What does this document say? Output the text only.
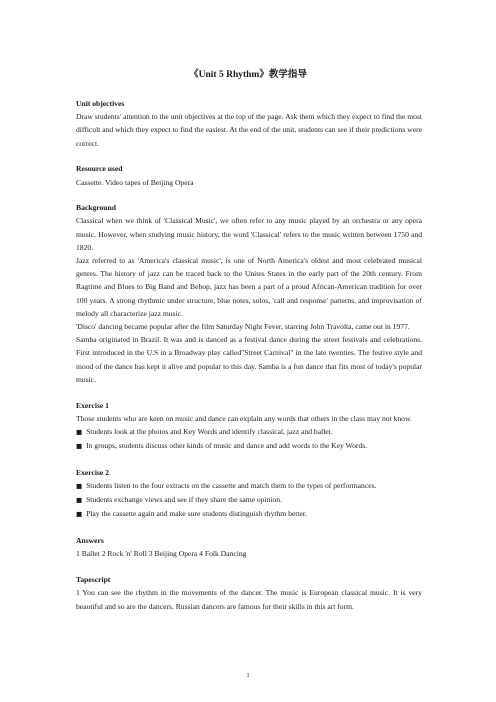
《Unit 5 Rhythm》教学指导

Unit objectives

Draw students' attention to the unit objectives at the top of the page. Ask them which they expect to find the most difficult and which they expect to find the easiest. At the end of the unit, students can see if their predictions were correct.

Resource used

Cassette. Video tapes of Beijing Opera

Background

Classical when we think of 'Classical Music', we often refer to any music played by an orchestra or any opera music. However, when studying music history, the word 'Classical' refers to the music written between 1750 and 1820.

Jazz referred to as 'America's classical music', is one of North America's oldest and most celebrated musical genres. The history of jazz can be traced back to the Unites States in the early part of the 20th century. From Ragtime and Blues to Big Band and Bebop, jazz has been a part of a proud African-American tradition for over 100 years. A strong rhythmic under structure, blue notes, solos, 'call and response' patterns, and improvisation of melody all characterize jazz music.

'Disco' dancing became popular after the film Saturday Night Fever, starring John Travolta, came out in 1977.

Samba originated in Brazil. It was and is danced as a festival dance during the street festivals and celebrations. First introduced in the U.S in a Broadway play called"Street Carnival" in the late twenties. The festive style and mood of the dance has kept it alive and popular to this day. Samba is a fun dance that fits most of today's popular music.

Exercise 1

Those students who are keen on music and dance can explain any words that others in the class may not know.

■ Students look at the photos and Key Words and identify classical, jazz and ballet.

■ In groups, students discuss other kinds of music and dance and add words to the Key Words.

Exercise 2

■ Students listen to the four extracts on the cassette and match them to the types of performances.

■ Students exchange views and see if they share the same opinion.

■ Play the cassette again and make sure students distinguish rhythm better.

Answers

1 Ballet 2 Rock 'n' Roll 3 Beijing Opera 4 Folk Dancing

Tapescript

1 You can see the rhythm in the movements of the dancer. The music is European classical music. It is very beautiful and so are the dancers. Russian dancers are famous for their skills in this art form.

1
